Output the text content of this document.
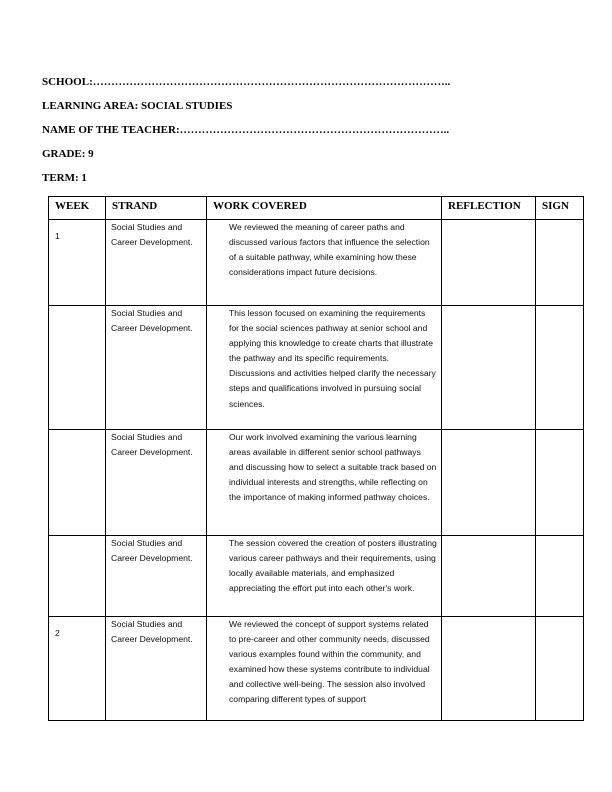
SCHOOL:……………………………………………………………………………………..
LEARNING AREA: SOCIAL STUDIES
NAME OF THE TEACHER:………………………………………………………………..
GRADE: 9
TERM: 1
WEEK	STRAND	WORK COVERED	REFLECTION	SIGN
1	Social Studies and Career Development.	We reviewed the meaning of career paths and discussed various factors that influence the selection of a suitable pathway, while examining how these considerations impact future decisions.		
	Social Studies and Career Development.	This lesson focused on examining the requirements for the social sciences pathway at senior school and applying this knowledge to create charts that illustrate the pathway and its specific requirements. Discussions and activities helped clarify the necessary steps and qualifications involved in pursuing social sciences.		
	Social Studies and Career Development.	Our work involved examining the various learning areas available in different senior school pathways and discussing how to select a suitable track based on individual interests and strengths, while reflecting on the importance of making informed pathway choices.		
	Social Studies and Career Development.	The session covered the creation of posters illustrating various career pathways and their requirements, using locally available materials, and emphasized appreciating the effort put into each other's work.		
2	Social Studies and Career Development.	We reviewed the concept of support systems related to pre-career and other community needs, discussed various examples found within the community, and examined how these systems contribute to individual and collective well-being. The session also involved comparing different types of support		
